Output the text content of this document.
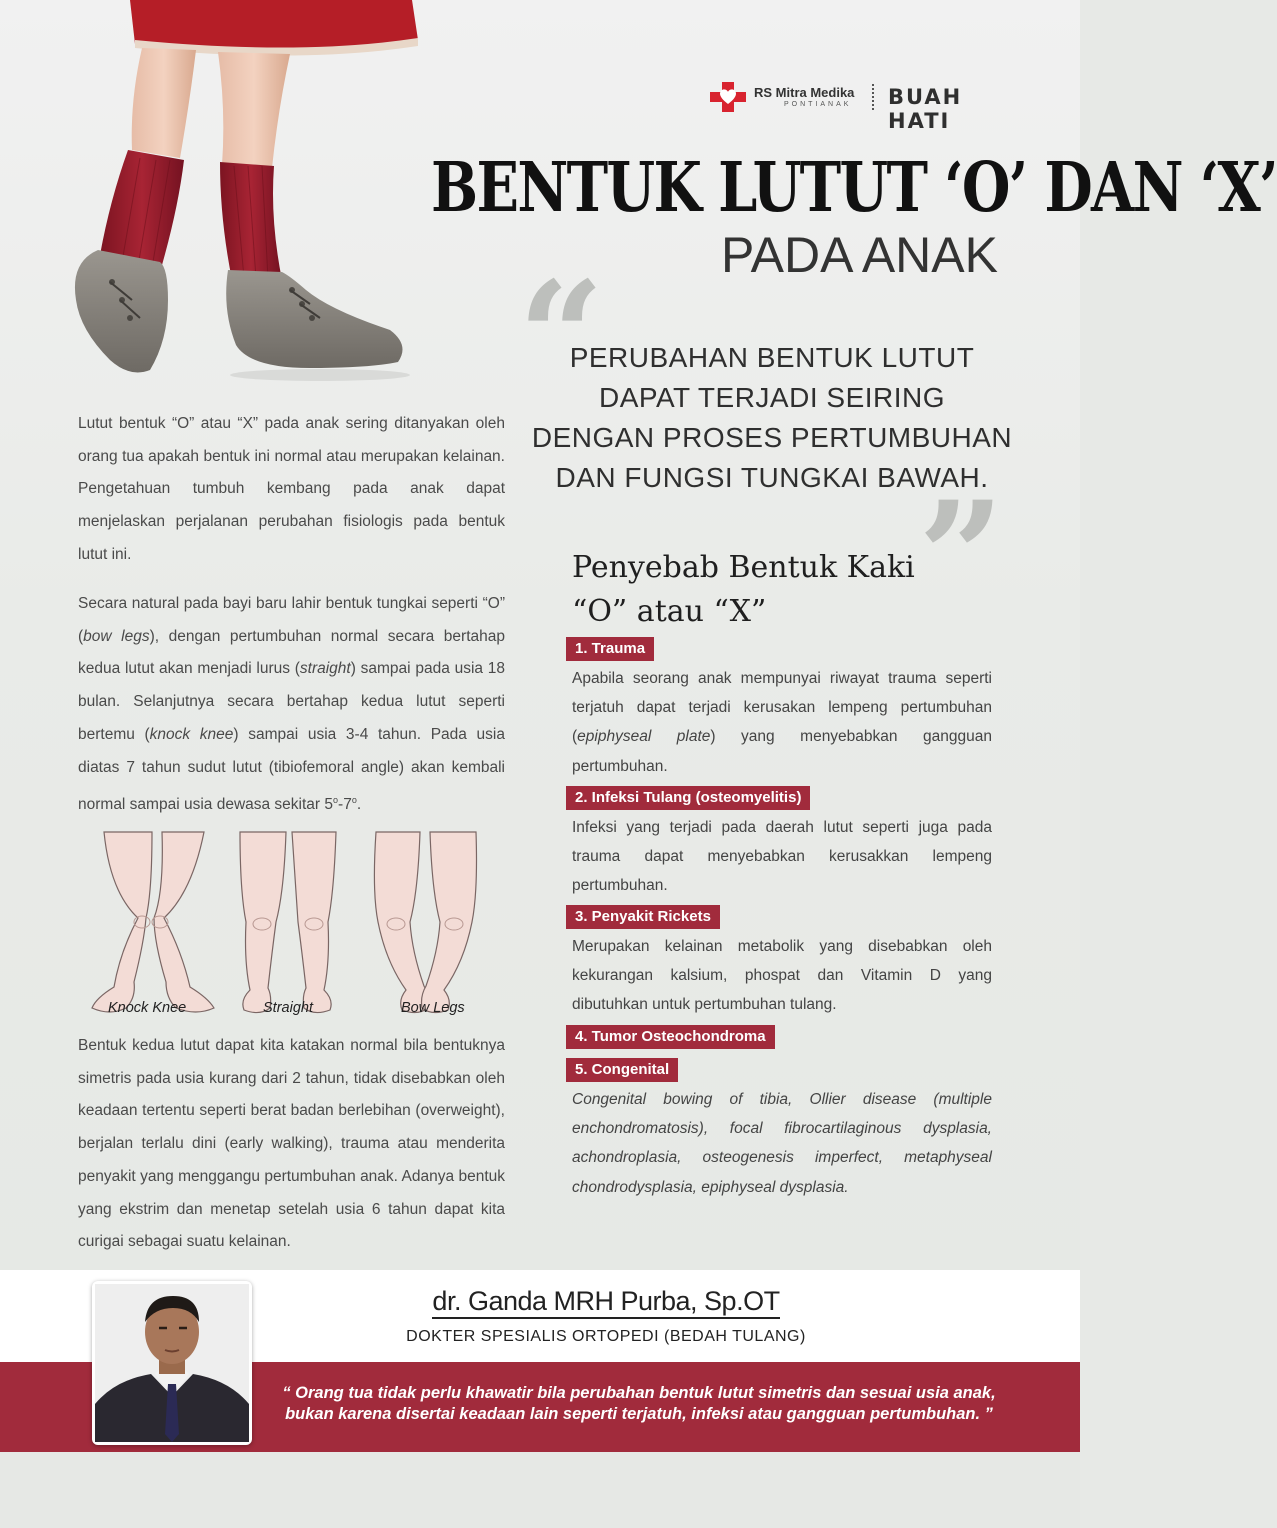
RS Mitra Medika
PONTIANAK BUAH HATI
BENTUK LUTUT ‘O’ DAN ‘X’
PADA ANAK
“
PERUBAHAN BENTUK LUTUT
DAPAT TERJADI SEIRING
DENGAN PROSES PERTUMBUHAN
DAN FUNGSI TUNGKAI BAWAH.
”

Lutut bentuk “O” atau “X” pada anak sering ditanyakan oleh orang tua apakah bentuk ini normal atau merupakan kelainan. Pengetahuan tumbuh kembang pada anak dapat menjelaskan perjalanan perubahan fisiologis pada bentuk lutut ini.

Secara natural pada bayi baru lahir bentuk tungkai seperti “O” (bow legs), dengan pertumbuhan normal secara bertahap kedua lutut akan menjadi lurus (straight) sampai pada usia 18 bulan. Selanjutnya secara bertahap kedua lutut seperti bertemu (knock knee) sampai usia 3-4 tahun. Pada usia diatas 7 tahun sudut lutut (tibiofemoral angle) akan kembali normal sampai usia dewasa sekitar 5$^o$-7$^o$.

Knock Knee	Straight	Bow Legs

Bentuk kedua lutut dapat kita katakan normal bila bentuknya simetris pada usia kurang dari 2 tahun, tidak disebabkan oleh keadaan tertentu seperti berat badan berlebihan (overweight), berjalan terlalu dini (early walking), trauma atau menderita penyakit yang menggangu pertumbuhan anak. Adanya bentuk yang ekstrim dan menetap setelah usia 6 tahun dapat kita curigai sebagai suatu kelainan.

Penyebab Bentuk Kaki
“O” atau “X”
1. Trauma

Apabila seorang anak mempunyai riwayat trauma seperti terjatuh dapat terjadi kerusakan lempeng pertumbuhan (epiphyseal plate) yang menyebabkan gangguan pertumbuhan.

2. Infeksi Tulang (osteomyelitis)

Infeksi yang terjadi pada daerah lutut seperti juga pada trauma dapat menyebabkan kerusakkan lempeng pertumbuhan.

3. Penyakit Rickets

Merupakan kelainan metabolik yang disebabkan oleh kekurangan kalsium, phospat dan Vitamin D yang dibutuhkan untuk pertumbuhan tulang.

4. Tumor Osteochondroma
5. Congenital

Congenital bowing of tibia, Ollier disease (multiple enchondromatosis), focal fibrocartilaginous dysplasia, achondroplasia, osteogenesis imperfect, metaphyseal chondrodysplasia, epiphyseal dysplasia.

dr. Ganda MRH Purba, Sp.OT
DOKTER SPESIALIS ORTOPEDI (BEDAH TULANG)
“ Orang tua tidak perlu khawatir bila perubahan bentuk lutut simetris dan sesuai usia anak,
bukan karena disertai keadaan lain seperti terjatuh, infeksi atau gangguan pertumbuhan. ”
